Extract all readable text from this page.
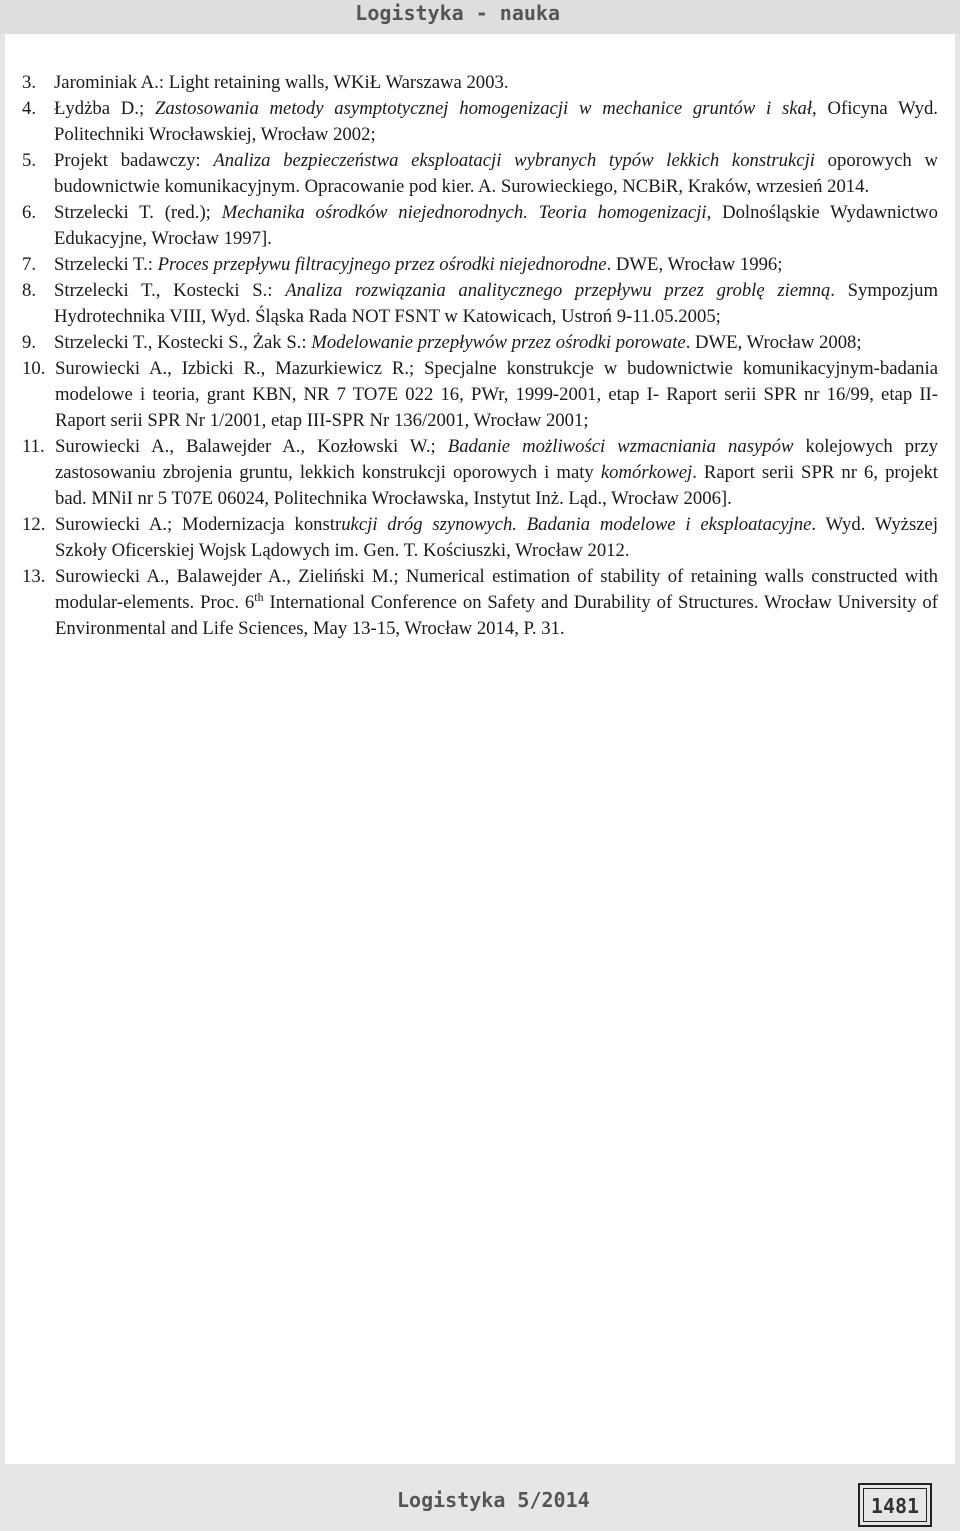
Logistyka - nauka
3. Jarominiak A.: Light retaining walls, WKiŁ Warszawa 2003.
4. Łydżba D.; Zastosowania metody asymptotycznej homogenizacji w mechanice gruntów i skał, Oficyna Wyd. Politechniki Wrocławskiej, Wrocław 2002;
5. Projekt badawczy: Analiza bezpieczeństwa eksploatacji wybranych typów lekkich konstrukcji oporowych w budownictwie komunikacyjnym. Opracowanie pod kier. A. Surowieckiego, NCBiR, Kraków, wrzesień 2014.
6. Strzelecki T. (red.); Mechanika ośrodków niejednorodnych. Teoria homogenizacji, Dolnośląskie Wydawnictwo Edukacyjne, Wrocław 1997].
7. Strzelecki T.: Proces przepływu filtracyjnego przez ośrodki niejednorodne. DWE, Wrocław 1996;
8. Strzelecki T., Kostecki S.: Analiza rozwiązania analitycznego przepływu przez groblę ziemną. Sympozjum Hydrotechnika VIII, Wyd. Śląska Rada NOT FSNT w Katowicach, Ustroń 9-11.05.2005;
9. Strzelecki T., Kostecki S., Żak S.: Modelowanie przepływów przez ośrodki porowate. DWE, Wrocław 2008;
10. Surowiecki A., Izbicki R., Mazurkiewicz R.; Specjalne konstrukcje w budownictwie komunikacyjnym-badania modelowe i teoria, grant KBN, NR 7 TO7E 022 16, PWr, 1999-2001, etap I- Raport serii SPR nr 16/99, etap II- Raport serii SPR Nr 1/2001, etap III-SPR Nr 136/2001, Wrocław 2001;
11. Surowiecki A., Balawejder A., Kozłowski W.; Badanie możliwości wzmacniania nasypów kolejowych przy zastosowaniu zbrojenia gruntu, lekkich konstrukcji oporowych i maty komórkowej. Raport serii SPR nr 6, projekt bad. MNiI nr 5 T07E 06024, Politechnika Wrocławska, Instytut Inż. Ląd., Wrocław 2006].
12. Surowiecki A.; Modernizacja konstrukcji dróg szynowych. Badania modelowe i eksploatacyjne. Wyd. Wyższej Szkoły Oficerskiej Wojsk Lądowych im. Gen. T. Kościuszki, Wrocław 2012.
13. Surowiecki A., Balawejder A., Zieliński M.; Numerical estimation of stability of retaining walls constructed with modular-elements. Proc. 6th International Conference on Safety and Durability of Structures. Wrocław University of Environmental and Life Sciences, May 13-15, Wrocław 2014, P. 31.
Logistyka 5/2014	1481
